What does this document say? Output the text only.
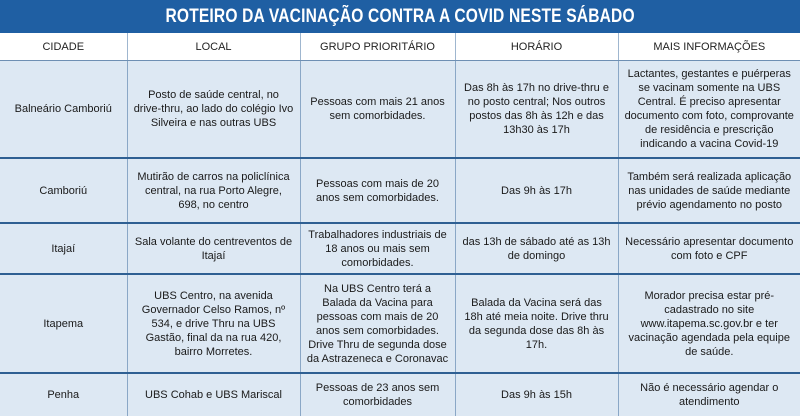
ROTEIRO DA VACINAÇÃO CONTRA A COVID NESTE SÁBADO
CIDADE	LOCAL	GRUPO PRIORITÁRIO	HORÁRIO	MAIS INFORMAÇÕES
Balneário Camboriú	Posto de saúde central, no drive-thru, ao lado do colégio Ivo Silveira e nas outras UBS	Pessoas com mais 21 anos sem comorbidades.	Das 8h às 17h no drive-thru e no posto central; Nos outros postos das 8h às 12h e das 13h30 às 17h	Lactantes, gestantes e puérperas se vacinam somente na UBS Central. É preciso apresentar documento com foto, comprovante de residência e prescrição indicando a vacina Covid-19
Camboriú	Mutirão de carros na policlínica central, na rua Porto Alegre, 698, no centro	Pessoas com mais de 20 anos sem comorbidades.	Das 9h às 17h	Também será realizada aplicação nas unidades de saúde mediante prévio agendamento no posto
Itajaí	Sala volante do centreventos de Itajaí	Trabalhadores industriais de 18 anos ou mais sem comorbidades.	das 13h de sábado até as 13h de domingo	Necessário apresentar documento com foto e CPF
Itapema	UBS Centro, na avenida Governador Celso Ramos, nº 534, e drive Thru na UBS Gastão, final da na rua 420, bairro Morretes.	Na UBS Centro terá a Balada da Vacina para pessoas com mais de 20 anos sem comorbidades. Drive Thru de segunda dose da Astrazeneca e Coronavac	Balada da Vacina será das 18h até meia noite. Drive thru da segunda dose das 8h às 17h.	Morador precisa estar pré-cadastrado no site www.itapema.sc.gov.br e ter vacinação agendada pela equipe de saúde.
Penha	UBS Cohab e UBS Mariscal	Pessoas de 23 anos sem comorbidades	Das 9h às 15h	Não é necessário agendar o atendimento
